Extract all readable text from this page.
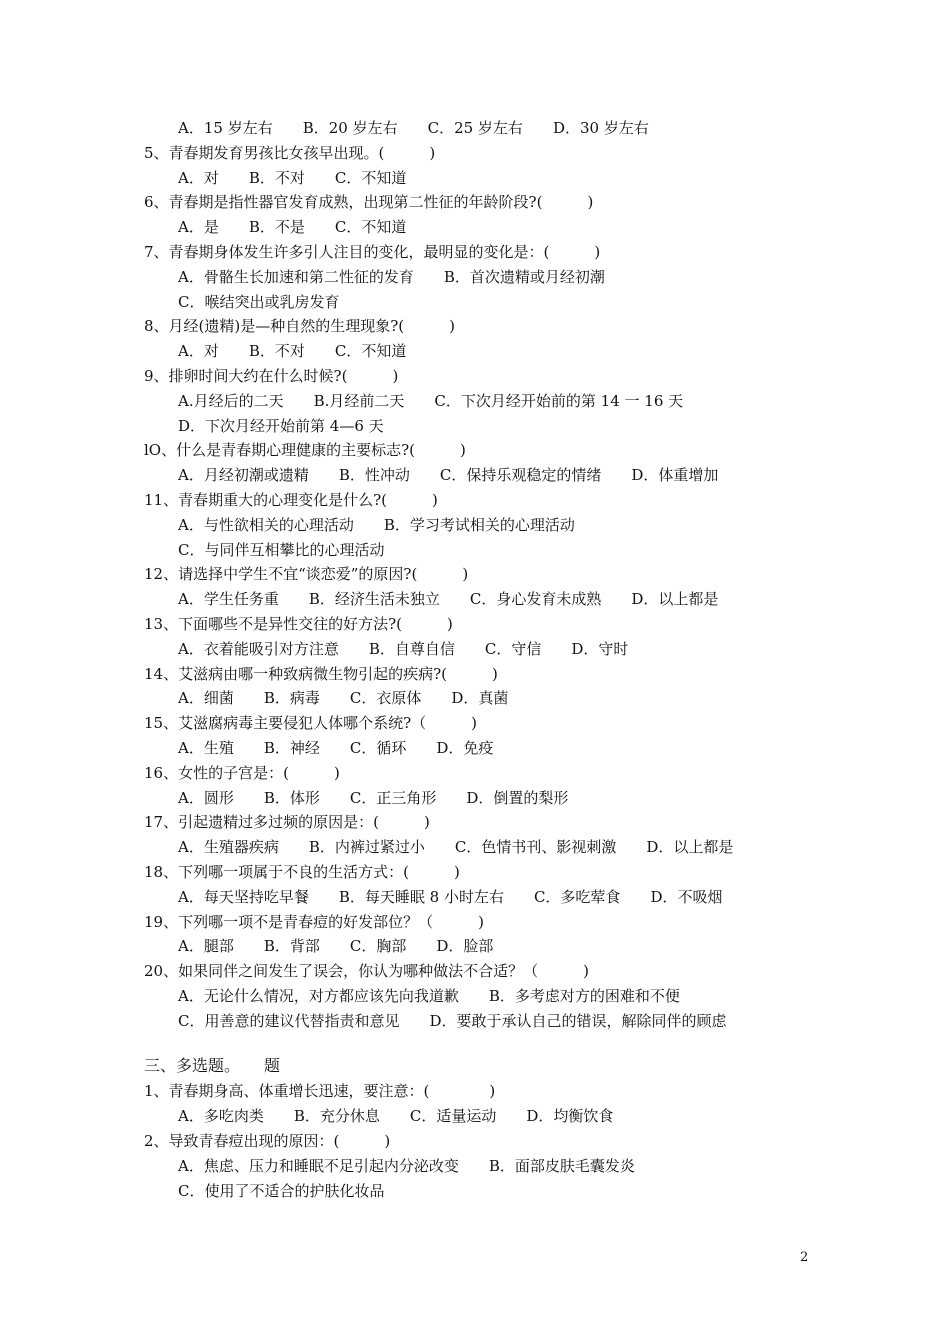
A．15 岁左右 B．20 岁左右 C．25 岁左右 D．30 岁左右
5、青春期发育男孩比女孩早出现。(　　　)
A．对 B．不对 C．不知道
6、青春期是指性器官发育成熟，出现第二性征的年龄阶段?(　　　)
A．是 B．不是 C．不知道
7、青春期身体发生许多引人注目的变化，最明显的变化是：(　　　)
A．骨骼生长加速和第二性征的发育 B．首次遗精或月经初潮
C．喉结突出或乳房发育
8、月经(遗精)是—种自然的生理现象?(　　　)
A．对 B．不对 C．不知道
9、排卵时间大约在什么时候?(　　　)
A.月经后的二天 B.月经前二天 C．下次月经开始前的第 14 一 16 天
D．下次月经开始前第 4—6 天
lO、什么是青春期心理健康的主要标志?(　　　)
A．月经初潮或遗精 B．性冲动 C．保持乐观稳定的情绪 D．体重增加
11、青春期重大的心理变化是什么?(　　　)
A．与性欲相关的心理活动 B．学习考试相关的心理活动
C．与同伴互相攀比的心理活动
12、请选择中学生不宜“谈恋爱”的原因?(　　　)
A．学生任务重 B．经济生活未独立 C．身心发育未成熟 D．以上都是
13、下面哪些不是异性交往的好方法?(　　　)
A．衣着能吸引对方注意 B．自尊自信 C．守信 D．守时
14、艾滋病由哪一种致病微生物引起的疾病?(　　　)
A．细菌 B．病毒 C．衣原体 D．真菌
15、艾滋腐病毒主要侵犯人体哪个系统?（　　　)
A．生殖 B．神经 C．循环 D．免疫
16、女性的子宫是：(　　　)
A．圆形 B．体形 C．正三角形 D．倒置的梨形
17、引起遗精过多过频的原因是：(　　　)
A．生殖器疾病 B．内裤过紧过小 C．色情书刊、影视刺激 D．以上都是
18、下列哪一项属于不良的生活方式：(　　　)
A．每天坚持吃早餐 B．每天睡眠 8 小时左右 C．多吃荤食 D．不吸烟
19、下列哪一项不是青春痘的好发部位？（　　　)
A．腿部 B．背部 C．胸部 D．脸部
20、如果同伴之间发生了误会，你认为哪种做法不合适？（　　　)
A．无论什么情况，对方都应该先向我道歉 B．多考虑对方的困难和不便
C．用善意的建议代替指责和意见 D．要敢于承认自己的错误，解除同伴的顾虑
三、多选题。　　题
1、青春期身高、体重增长迅速，要注意：(　　　　)
A．多吃肉类 B．充分休息 C．适量运动 D．均衡饮食
2、导致青春痘出现的原因：(　　　)
A．焦虑、压力和睡眠不足引起内分泌改变 B．面部皮肤毛囊发炎
C．使用了不适合的护肤化妆品
2
